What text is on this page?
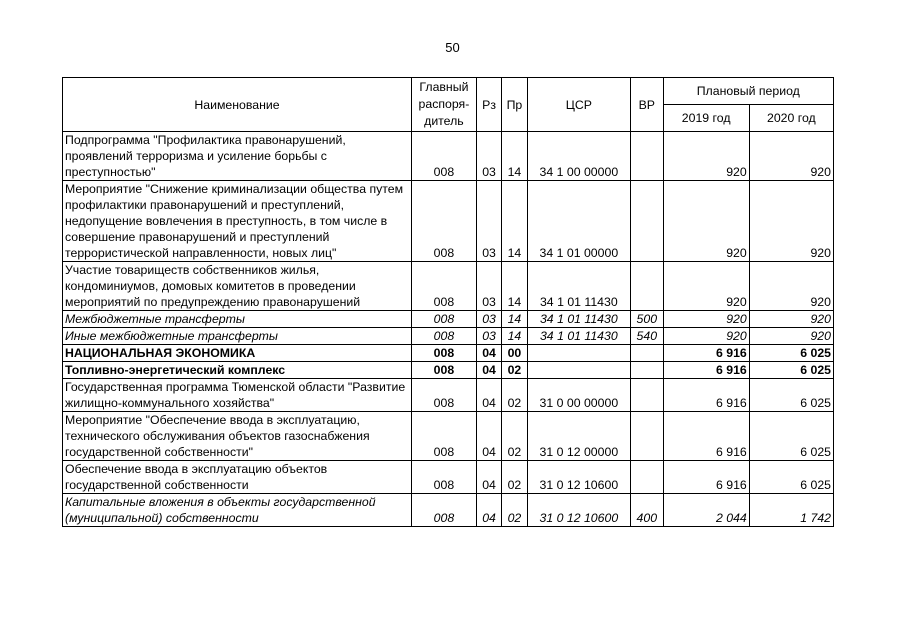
50
Наименование	Главный распоря- дитель	Рз	Пр	ЦСР	ВР	Плановый период	
						2019 год	2020 год
Подпрограмма "Профилактика правонарушений, проявлений терроризма и усиление борьбы с преступностью"	008	03	14	34 1 00 00000		920	920
Мероприятие "Снижение криминализации общества путем профилактики правонарушений и преступлений, недопущение вовлечения в преступность, в том числе в совершение правонарушений и преступлений террористической направленности, новых лиц"	008	03	14	34 1 01 00000		920	920
Участие товариществ собственников жилья, кондоминиумов, домовых комитетов в проведении мероприятий по предупреждению правонарушений	008	03	14	34 1 01 11430		920	920
Межбюджетные трансферты	008	03	14	34 1 01 11430	500	920	920
Иные межбюджетные трансферты	008	03	14	34 1 01 11430	540	920	920
НАЦИОНАЛЬНАЯ ЭКОНОМИКА	008	04	00			6 916	6 025
Топливно-энергетический комплекс	008	04	02			6 916	6 025
Государственная программа Тюменской области "Развитие жилищно-коммунального хозяйства"	008	04	02	31 0 00 00000		6 916	6 025
Мероприятие "Обеспечение ввода в эксплуатацию, технического обслуживания объектов газоснабжения государственной собственности"	008	04	02	31 0 12 00000		6 916	6 025
Обеспечение ввода в эксплуатацию объектов государственной собственности	008	04	02	31 0 12 10600		6 916	6 025
Капитальные вложения в объекты государственной (муниципальной) собственности	008	04	02	31 0 12 10600	400	2 044	1 742
